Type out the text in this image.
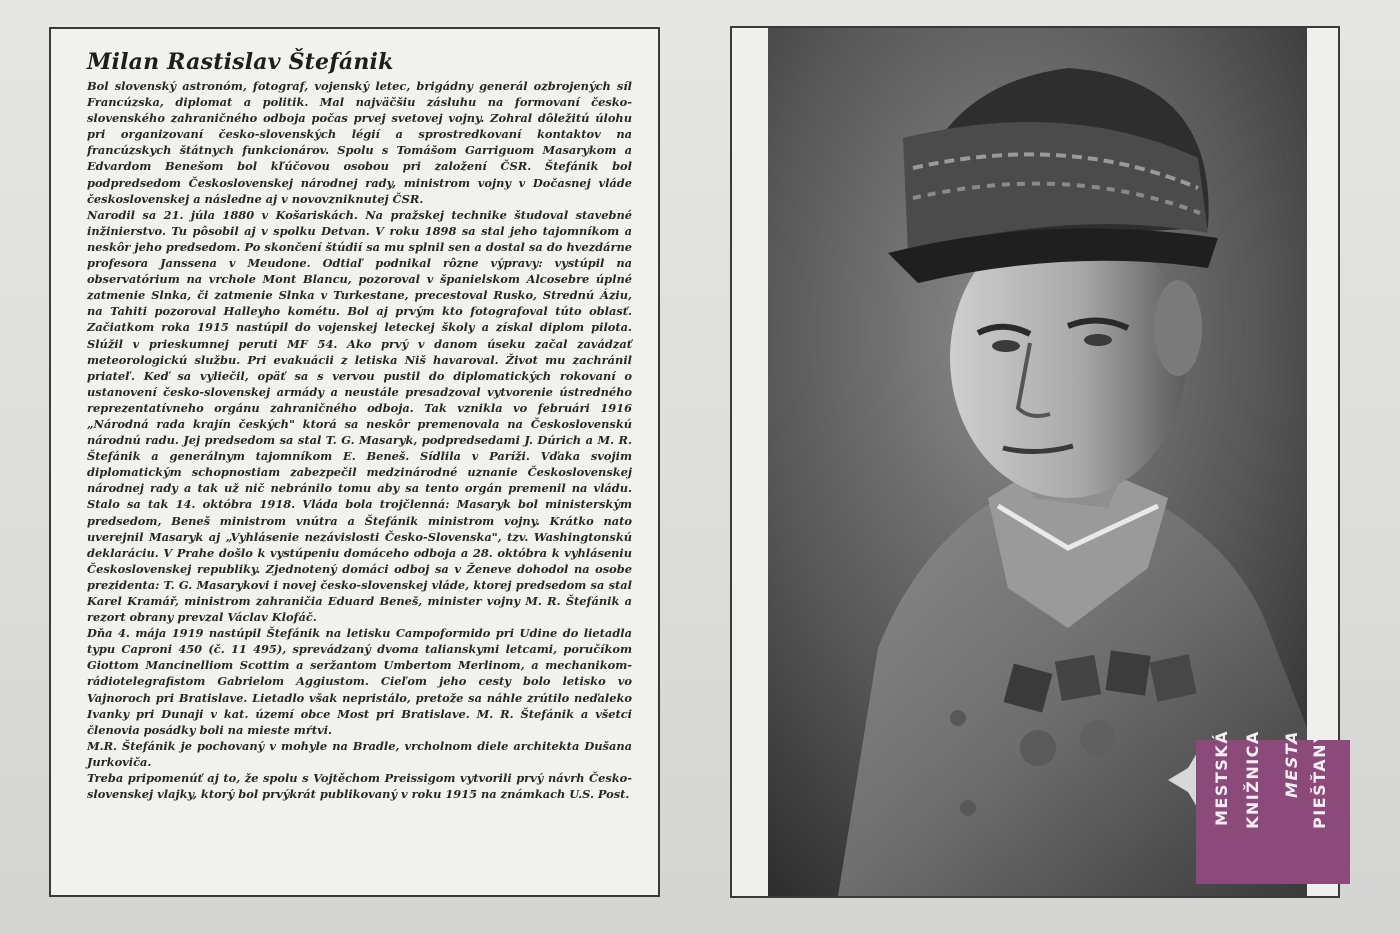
Milan Rastislav Štefánik

Bol slovenský astronóm, fotograf, vojenský letec, brigádny generál ozbrojených síl Francúzska, diplomat a politik. Mal najväčšiu zásluhu na formovaní česko-slovenského zahraničného odboja počas prvej svetovej vojny. Zohral dôležitú úlohu pri organizovaní česko-slovenských légií a sprostredkovaní kontaktov na francúzskych štátnych funkcionárov. Spolu s Tomášom Garriguom Masarykom a Edvardom Benešom bol kľúčovou osobou pri založení ČSR. Štefánik bol podpredsedom Československej národnej rady, ministrom vojny v Dočasnej vláde československej a následne aj v novovzniknutej ČSR.

Narodil sa 21. júla 1880 v Košariskách. Na pražskej technike študoval stavebné inžinierstvo. Tu pôsobil aj v spolku Detvan. V roku 1898 sa stal jeho tajomníkom a neskôr jeho predsedom. Po skončení štúdií sa mu splnil sen a dostal sa do hvezdárne profesora Janssena v Meudone. Odtiaľ podnikal rôzne výpravy: vystúpil na observatórium na vrchole Mont Blancu, pozoroval v španielskom Alcosebre úplné zatmenie Slnka, či zatmenie Slnka v Turkestane, precestoval Rusko, Strednú Áziu, na Tahiti pozoroval Halleyho kométu. Bol aj prvým kto fotografoval túto oblasť. Začiatkom roka 1915 nastúpil do vojenskej leteckej školy a získal diplom pilota. Slúžil v prieskumnej peruti MF 54. Ako prvý v danom úseku začal zavádzať meteorologickú službu. Pri evakuácii z letiska Niš havaroval. Život mu zachránil priateľ. Keď sa vyliečil, opäť sa s vervou pustil do diplomatických rokovaní o ustanovení česko-slovenskej armády a neustále presadzoval vytvorenie ústredného reprezentatívneho orgánu zahraničného odboja. Tak vznikla vo februári 1916 „Národná rada krajín českých" ktorá sa neskôr premenovala na Československú národnú radu. Jej predsedom sa stal T. G. Masaryk, podpredsedami J. Dúrich a M. R. Štefánik a generálnym tajomníkom E. Beneš. Sídlila v Paríži. Vďaka svojim diplomatickým schopnostiam zabezpečil medzinárodné uznanie Československej národnej rady a tak už nič nebránilo tomu aby sa tento orgán premenil na vládu. Stalo sa tak 14. októbra 1918. Vláda bola trojčlenná: Masaryk bol ministerským predsedom, Beneš ministrom vnútra a Štefánik ministrom vojny. Krátko nato uverejnil Masaryk aj „Vyhlásenie nezávislosti Česko-Slovenska", tzv. Washingtonskú deklaráciu. V Prahe došlo k vystúpeniu domáceho odboja a 28. októbra k vyhláseniu Československej republiky. Zjednotený domáci odboj sa v Ženeve dohodol na osobe prezidenta: T. G. Masarykovi i novej česko-slovenskej vláde, ktorej predsedom sa stal Karel Kramář, ministrom zahraničia Eduard Beneš, minister vojny M. R. Štefánik a rezort obrany prevzal Václav Klofáč.

Dňa 4. mája 1919 nastúpil Štefánik na letisku Campoformido pri Udine do lietadla typu Caproni 450 (č. 11 495), sprevádzaný dvoma talianskymi letcami, poručíkom Giottom Mancinelliom Scottim a seržantom Umbertom Merlinom, a mechanikom-rádiotelegrafistom Gabrielom Aggiustom. Cieľom jeho cesty bolo letisko vo Vajnoroch pri Bratislave. Lietadlo však nepristálo, pretože sa náhle zrútilo neďaleko Ivanky pri Dunaji v kat. území obce Most pri Bratislave. M. R. Štefánik a všetci členovia posádky boli na mieste mŕtvi.

M.R. Štefánik je pochovaný v mohyle na Bradle, vrcholnom diele architekta Dušana Jurkoviča.

Treba pripomenúť aj to, že spolu s Vojtěchom Preissigom vytvorili prvý návrh Česko-slovenskej vlajky, ktorý bol prvýkrát publikovaný v roku 1915 na známkach U.S. Post.	MESTSKÁ KNIŽNICA	MESTA PIEŠŤANY
